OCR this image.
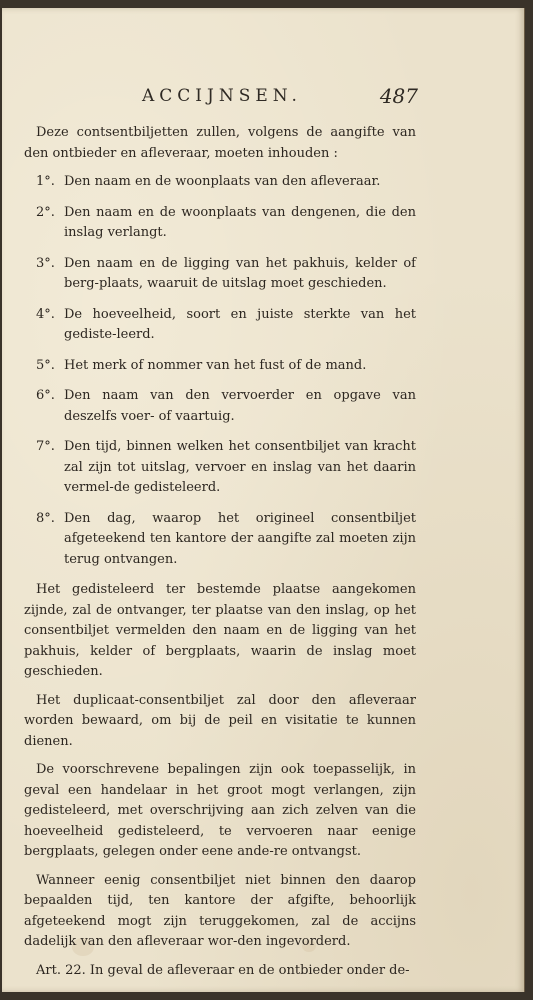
ACCIJNSEN.	487

Deze contsentbiljetten zullen, volgens de aangifte van den ontbieder en afleveraar, moeten inhouden :

1°. Den naam en de woonplaats van den afleveraar.
2°. Den naam en de woonplaats van dengenen, die den inslag verlangt.
3°. Den naam en de ligging van het pakhuis, kelder of berg-plaats, waaruit de uitslag moet geschieden.
4°. De hoeveelheid, soort en juiste sterkte van het gediste-leerd.
5°. Het merk of nommer van het fust of de mand.
6°. Den naam van den vervoerder en opgave van deszelfs voer- of vaartuig.
7°. Den tijd, binnen welken het consentbiljet van kracht zal zijn tot uitslag, vervoer en inslag van het daarin vermel-de gedisteleerd.
8°. Den dag, waarop het origineel consentbiljet afgeteekend ten kantore der aangifte zal moeten zijn terug ontvangen.

Het gedisteleerd ter bestemde plaatse aangekomen zijnde, zal de ontvanger, ter plaatse van den inslag, op het consentbiljet vermelden den naam en de ligging van het pakhuis, kelder of bergplaats, waarin de inslag moet geschieden.

Het duplicaat-consentbiljet zal door den afleveraar worden bewaard, om bij de peil en visitatie te kunnen dienen.

De voorschrevene bepalingen zijn ook toepasselijk, in geval een handelaar in het groot mogt verlangen, zijn gedisteleerd, met overschrijving aan zich zelven van die hoeveelheid gedisteleerd, te vervoeren naar eenige bergplaats, gelegen onder eene ande-re ontvangst.

Wanneer eenig consentbiljet niet binnen den daarop bepaalden tijd, ten kantore der afgifte, behoorlijk afgeteekend mogt zijn teruggekomen, zal de accijns dadelijk van den afleveraar wor-den ingevorderd.

Art. 22. In geval de afleveraar en de ontbieder onder de-
